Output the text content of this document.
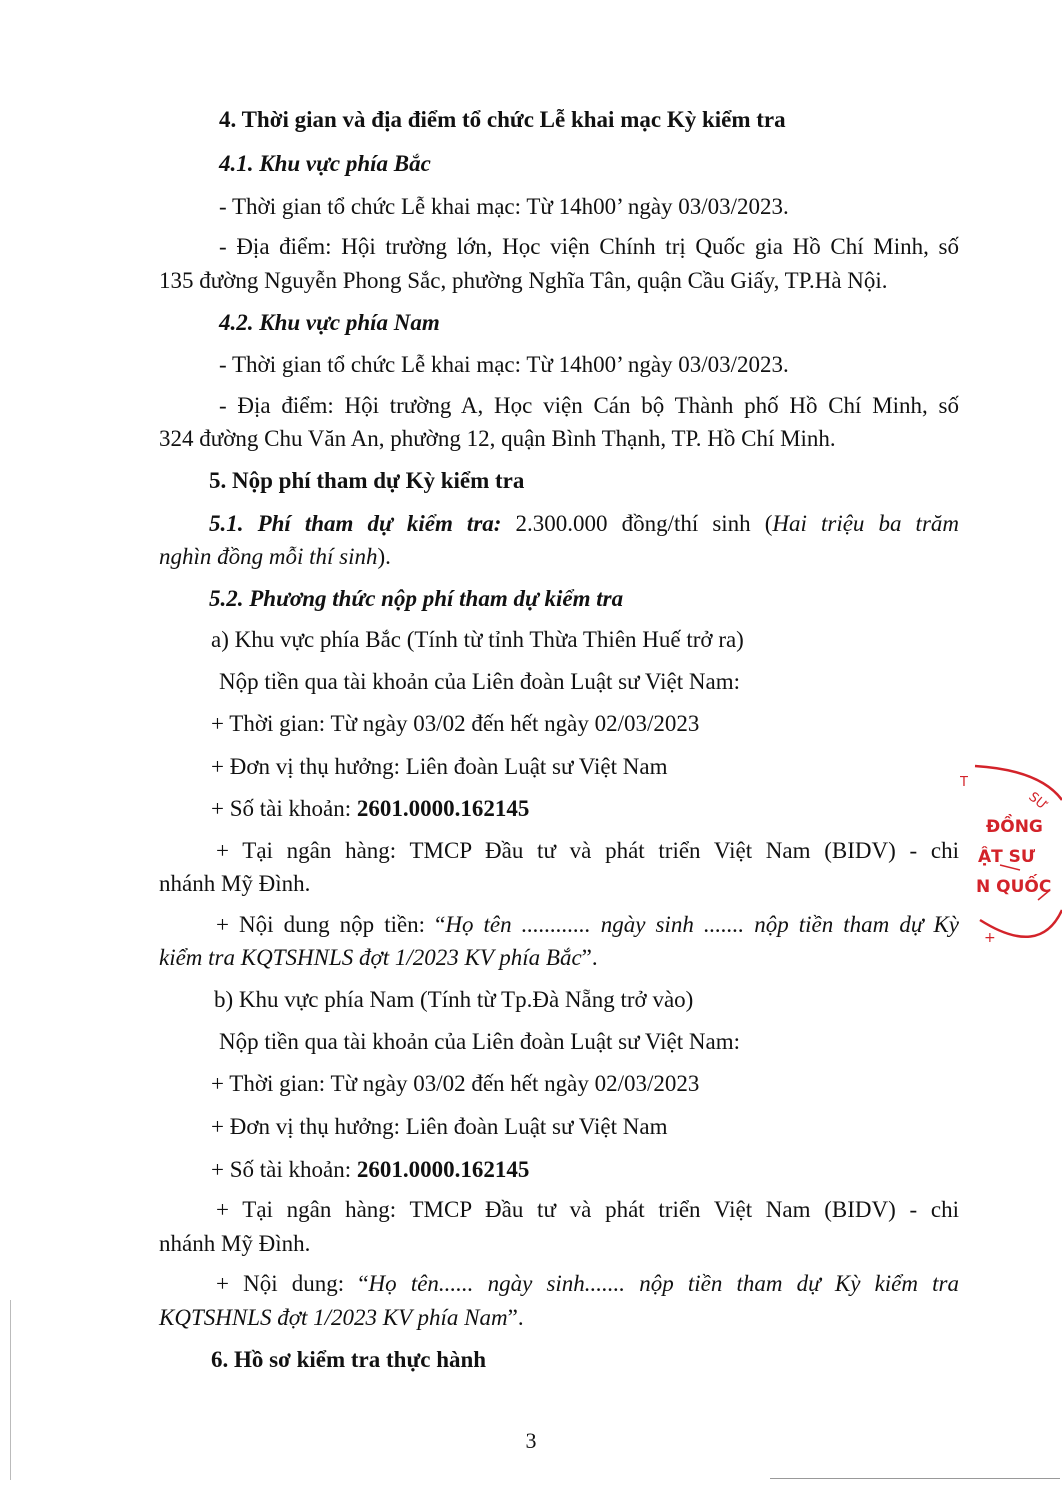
4. Thời gian và địa điểm tổ chức Lễ khai mạc Kỳ kiểm tra
4.1. Khu vực phía Bắc
- Thời gian tổ chức Lễ khai mạc: Từ 14h00’ ngày 03/03/2023.
- Địa điểm: Hội trường lớn, Học viện Chính trị Quốc gia Hồ Chí Minh, số
135 đường Nguyễn Phong Sắc, phường Nghĩa Tân, quận Cầu Giấy, TP.Hà Nội.
4.2. Khu vực phía Nam
- Thời gian tổ chức Lễ khai mạc: Từ 14h00’ ngày 03/03/2023.
- Địa điểm: Hội trường A, Học viện Cán bộ Thành phố Hồ Chí Minh, số
324 đường Chu Văn An, phường 12, quận Bình Thạnh, TP. Hồ Chí Minh.
5. Nộp phí tham dự Kỳ kiểm tra
5.1. Phí tham dự kiểm tra: 2.300.000 đồng/thí sinh (Hai triệu ba trăm
nghìn đồng mỗi thí sinh).
5.2. Phương thức nộp phí tham dự kiểm tra
a) Khu vực phía Bắc (Tính từ tỉnh Thừa Thiên Huế trở ra)
Nộp tiền qua tài khoản của Liên đoàn Luật sư Việt Nam:
+ Thời gian: Từ ngày 03/02 đến hết ngày 02/03/2023
+ Đơn vị thụ hưởng: Liên đoàn Luật sư Việt Nam
+ Số tài khoản: 2601.0000.162145
+ Tại ngân hàng: TMCP Đầu tư và phát triển Việt Nam (BIDV) - chi
nhánh Mỹ Đình.
+ Nội dung nộp tiền: “Họ tên ............ ngày sinh ....... nộp tiền tham dự Kỳ
kiểm tra KQTSHNLS đợt 1/2023 KV phía Bắc”.
b) Khu vực phía Nam (Tính từ Tp.Đà Nẵng trở vào)
Nộp tiền qua tài khoản của Liên đoàn Luật sư Việt Nam:
+ Thời gian: Từ ngày 03/02 đến hết ngày 02/03/2023
+ Đơn vị thụ hưởng: Liên đoàn Luật sư Việt Nam
+ Số tài khoản: 2601.0000.162145
+ Tại ngân hàng: TMCP Đầu tư và phát triển Việt Nam (BIDV) - chi
nhánh Mỹ Đình.
+ Nội dung: “Họ tên...... ngày sinh....... nộp tiền tham dự Kỳ kiểm tra
KQTSHNLS đợt 1/2023 KV phía Nam”.
6. Hồ sơ kiểm tra thực hành
3
ĐỒNG
ẬT SƯ
N QUỐC
T
SƯ
+
